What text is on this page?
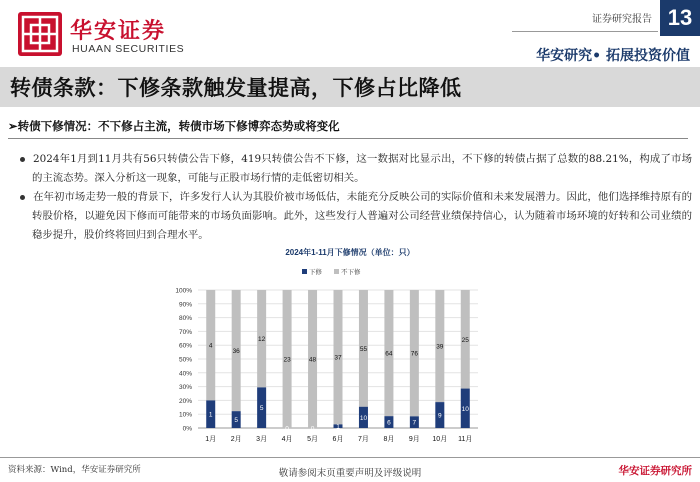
华安证券
HUAAN SECURITIES
证券研究报告 13
华安研究• 拓展投资价值
转债条款：下修条款触发量提高，下修占比降低
➢转债下修情况：不下修占主流，转债市场下修博弈态势或将变化
2024年1月到11月共有56只转债公告下修，419只转债公告不下修，这一数据对比显示出，不下修的转债占据了总数的88.21%，构成了市场的主流态势。深入分析这一现象，可能与正股市场行情的走低密切相关。
在年初市场走势一般的背景下，许多发行人认为其股价被市场低估，未能充分反映公司的实际价值和未来发展潜力。因此，他们选择维持原有的转股价格，以避免因下修而可能带来的市场负面影响。此外，这些发行人普遍对公司经营业绩保持信心，认为随着市场环境的好转和公司业绩的稳步提升，股价终将回归到合理水平。
2024年1-11月下修情况（单位：只）
0%
10%
20%
30%
40%
50%
60%
70%
80%
90%
100%
下修	不下修
4
1
1月
36
5
2月
12
5
3月
23
0
4月
48
0
5月
37
1
6月
55
10
7月
64
6
8月
76
7
9月
39
9
10月
25
10
11月
资料来源：Wind，华安证券研究所	敬请参阅末页重要声明及评级说明	华安证券研究所
